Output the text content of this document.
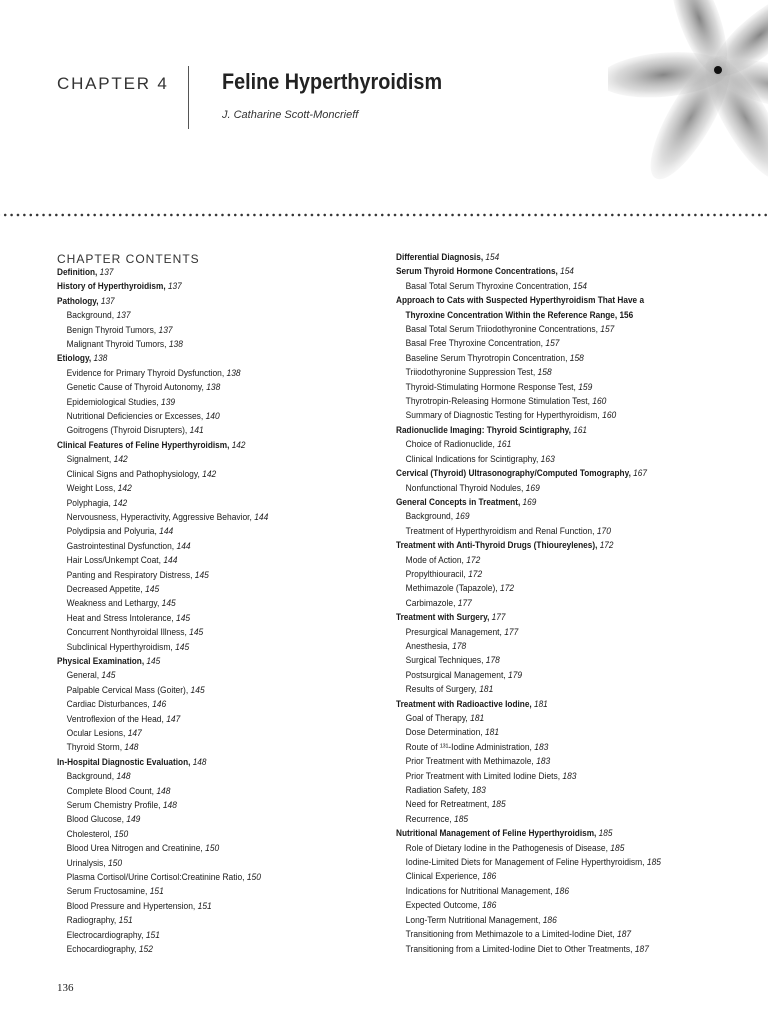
CHAPTER 4 Feline Hyperthyroidism
J. Catharine Scott-Moncrieff
CHAPTER CONTENTS
Definition, 137
History of Hyperthyroidism, 137
Pathology, 137
Background, 137
Benign Thyroid Tumors, 137
Malignant Thyroid Tumors, 138
Etiology, 138
Evidence for Primary Thyroid Dysfunction, 138
Genetic Cause of Thyroid Autonomy, 138
Epidemiological Studies, 139
Nutritional Deficiencies or Excesses, 140
Goitrogens (Thyroid Disrupters), 141
Clinical Features of Feline Hyperthyroidism, 142
Signalment, 142
Clinical Signs and Pathophysiology, 142
Weight Loss, 142
Polyphagia, 142
Nervousness, Hyperactivity, Aggressive Behavior, 144
Polydipsia and Polyuria, 144
Gastrointestinal Dysfunction, 144
Hair Loss/Unkempt Coat, 144
Panting and Respiratory Distress, 145
Decreased Appetite, 145
Weakness and Lethargy, 145
Heat and Stress Intolerance, 145
Concurrent Nonthyroidal Illness, 145
Subclinical Hyperthyroidism, 145
Physical Examination, 145
General, 145
Palpable Cervical Mass (Goiter), 145
Cardiac Disturbances, 146
Ventroflexion of the Head, 147
Ocular Lesions, 147
Thyroid Storm, 148
In-Hospital Diagnostic Evaluation, 148
Background, 148
Complete Blood Count, 148
Serum Chemistry Profile, 148
Blood Glucose, 149
Cholesterol, 150
Blood Urea Nitrogen and Creatinine, 150
Urinalysis, 150
Plasma Cortisol/Urine Cortisol:Creatinine Ratio, 150
Serum Fructosamine, 151
Blood Pressure and Hypertension, 151
Radiography, 151
Electrocardiography, 151
Echocardiography, 152
Differential Diagnosis, 154
Serum Thyroid Hormone Concentrations, 154
Basal Total Serum Thyroxine Concentration, 154
Approach to Cats with Suspected Hyperthyroidism That Have a
Thyroxine Concentration Within the Reference Range, 156
Basal Total Serum Triiodothyronine Concentrations, 157
Basal Free Thyroxine Concentration, 157
Baseline Serum Thyrotropin Concentration, 158
Triiodothyronine Suppression Test, 158
Thyroid-Stimulating Hormone Response Test, 159
Thyrotropin-Releasing Hormone Stimulation Test, 160
Summary of Diagnostic Testing for Hyperthyroidism, 160
Radionuclide Imaging: Thyroid Scintigraphy, 161
Choice of Radionuclide, 161
Clinical Indications for Scintigraphy, 163
Cervical (Thyroid) Ultrasonography/Computed Tomography, 167
Nonfunctional Thyroid Nodules, 169
General Concepts in Treatment, 169
Background, 169
Treatment of Hyperthyroidism and Renal Function, 170
Treatment with Anti-Thyroid Drugs (Thioureylenes), 172
Mode of Action, 172
Propylthiouracil, 172
Methimazole (Tapazole), 172
Carbimazole, 177
Treatment with Surgery, 177
Presurgical Management, 177
Anesthesia, 178
Surgical Techniques, 178
Postsurgical Management, 179
Results of Surgery, 181
Treatment with Radioactive Iodine, 181
Goal of Therapy, 181
Dose Determination, 181
Route of ¹³¹-Iodine Administration, 183
Prior Treatment with Methimazole, 183
Prior Treatment with Limited Iodine Diets, 183
Radiation Safety, 183
Need for Retreatment, 185
Recurrence, 185
Nutritional Management of Feline Hyperthyroidism, 185
Role of Dietary Iodine in the Pathogenesis of Disease, 185
Iodine-Limited Diets for Management of Feline Hyperthyroidism, 185
Clinical Experience, 186
Indications for Nutritional Management, 186
Expected Outcome, 186
Long-Term Nutritional Management, 186
Transitioning from Methimazole to a Limited-Iodine Diet, 187
Transitioning from a Limited-Iodine Diet to Other Treatments, 187
136
